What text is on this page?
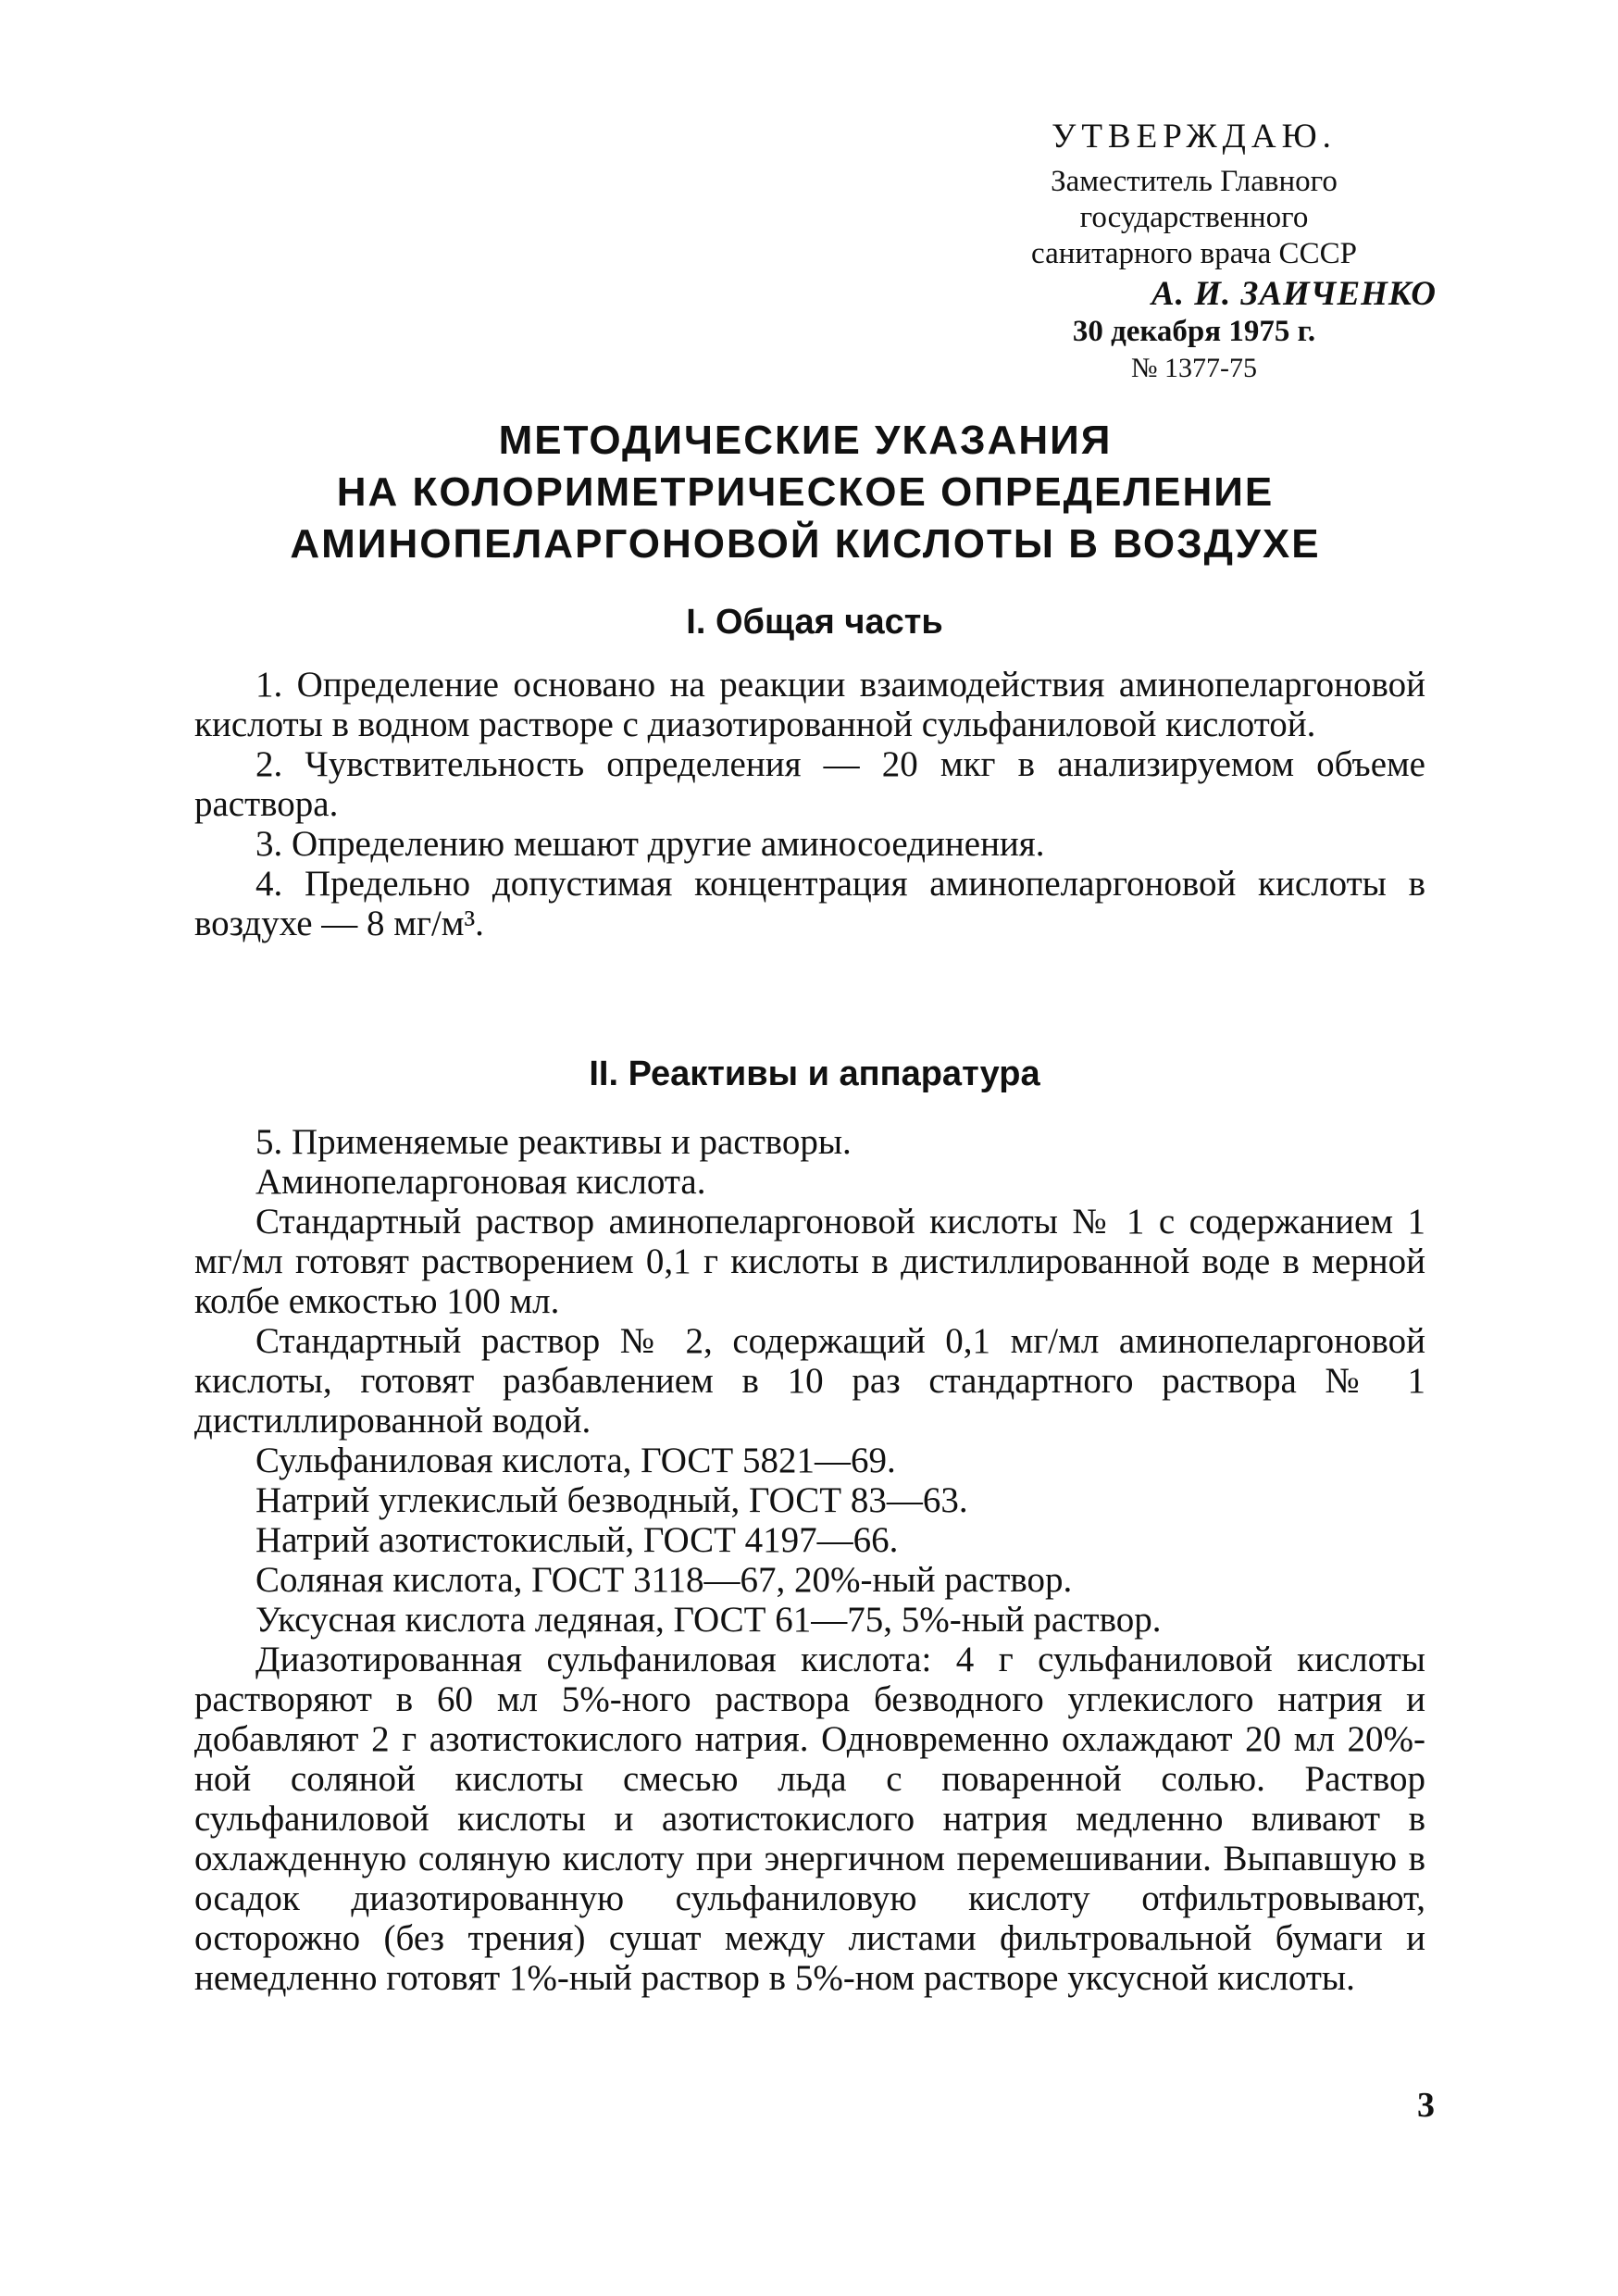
УТВЕРЖДАЮ.
Заместитель Главного
государственного
санитарного врача СССР
А. И. ЗАИЧЕНКО
30 декабря 1975 г.
№ 1377-75
МЕТОДИЧЕСКИЕ УКАЗАНИЯ
НА КОЛОРИМЕТРИЧЕСКОЕ ОПРЕДЕЛЕНИЕ
АМИНОПЕЛАРГОНОВОЙ КИСЛОТЫ В ВОЗДУХЕ
I. Общая часть

1. Определение основано на реакции взаимодействия аминопеларгоновой кислоты в водном растворе с диазотированной сульфаниловой кислотой.

2. Чувствительность определения — 20 мкг в анализируемом объеме раствора.

3. Определению мешают другие аминосоединения.

4. Предельно допустимая концентрация аминопеларгоновой кислоты в воздухе — 8 мг/м³.

II. Реактивы и аппаратура

5. Применяемые реактивы и растворы.

Аминопеларгоновая кислота.

Стандартный раствор аминопеларгоновой кислоты № 1 с содержанием 1 мг/мл готовят растворением 0,1 г кислоты в дистиллированной воде в мерной колбе емкостью 100 мл.

Стандартный раствор № 2, содержащий 0,1 мг/мл аминопеларгоновой кислоты, готовят разбавлением в 10 раз стандартного раствора № 1 дистиллированной водой.

Сульфаниловая кислота, ГОСТ 5821—69.

Натрий углекислый безводный, ГОСТ 83—63.

Натрий азотистокислый, ГОСТ 4197—66.

Соляная кислота, ГОСТ 3118—67, 20%-ный раствор.

Уксусная кислота ледяная, ГОСТ 61—75, 5%-ный раствор.

Диазотированная сульфаниловая кислота: 4 г сульфаниловой кислоты растворяют в 60 мл 5%-ного раствора безводного углекислого натрия и добавляют 2 г азотистокислого натрия. Одновременно охлаждают 20 мл 20%-ной соляной кислоты смесью льда с поваренной солью. Раствор сульфаниловой кислоты и азотистокислого натрия медленно вливают в охлажденную соляную кислоту при энергичном перемешивании. Выпавшую в осадок диазотированную сульфаниловую кислоту отфильтровывают, осторожно (без трения) сушат между листами фильтровальной бумаги и немедленно готовят 1%-ный раствор в 5%-ном растворе уксусной кислоты.

3
